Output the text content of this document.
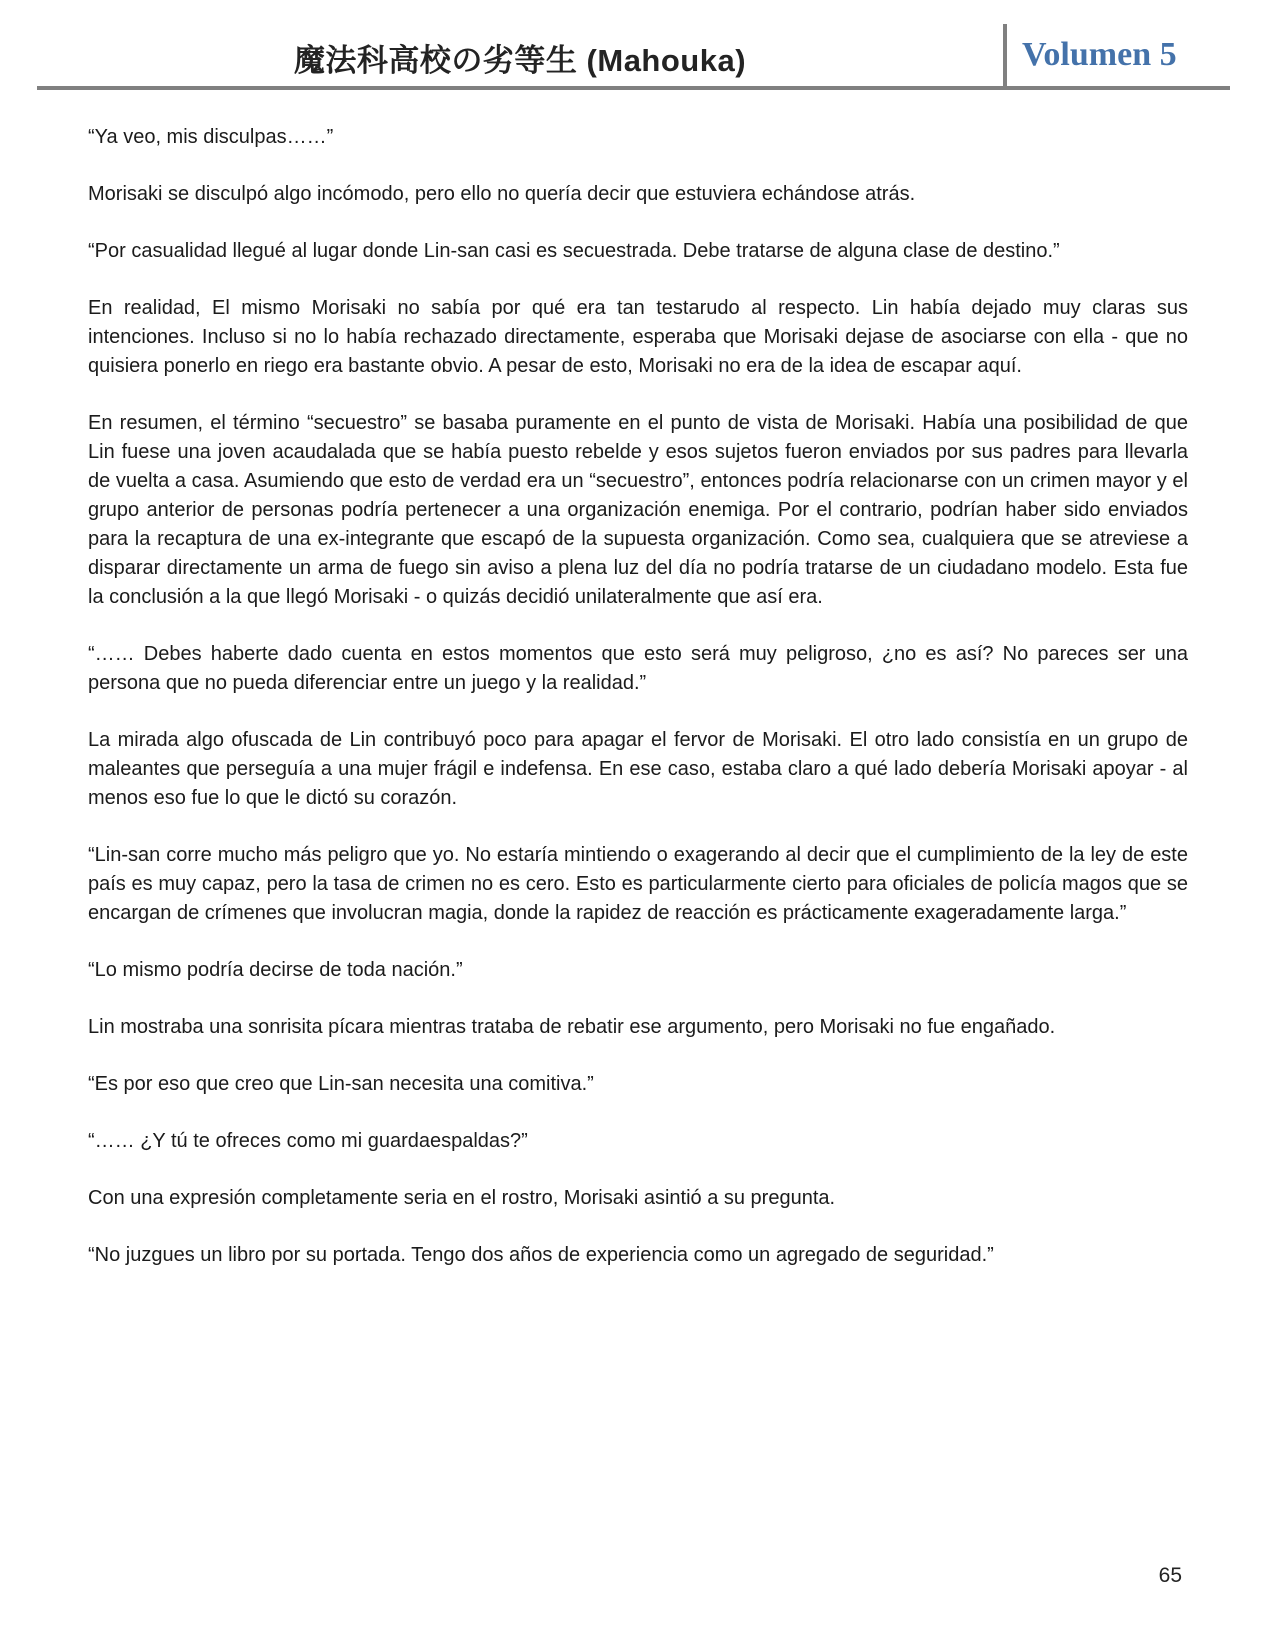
魔法科高校の劣等生 (Mahouka)	Volumen 5

“Ya veo, mis disculpas……”

Morisaki se disculpó algo incómodo, pero ello no quería decir que estuviera echándose atrás.

“Por casualidad llegué al lugar donde Lin-san casi es secuestrada. Debe tratarse de alguna clase de destino.”

En realidad, El mismo Morisaki no sabía por qué era tan testarudo al respecto. Lin había dejado muy claras sus intenciones. Incluso si no lo había rechazado directamente, esperaba que Morisaki dejase de asociarse con ella - que no quisiera ponerlo en riego era bastante obvio. A pesar de esto, Morisaki no era de la idea de escapar aquí.

En resumen, el término “secuestro” se basaba puramente en el punto de vista de Morisaki. Había una posibilidad de que Lin fuese una joven acaudalada que se había puesto rebelde y esos sujetos fueron enviados por sus padres para llevarla de vuelta a casa. Asumiendo que esto de verdad era un “secuestro”, entonces podría relacionarse con un crimen mayor y el grupo anterior de personas podría pertenecer a una organización enemiga. Por el contrario, podrían haber sido enviados para la recaptura de una ex-integrante que escapó de la supuesta organización. Como sea, cualquiera que se atreviese a disparar directamente un arma de fuego sin aviso a plena luz del día no podría tratarse de un ciudadano modelo. Esta fue la conclusión a la que llegó Morisaki - o quizás decidió unilateralmente que así era.

“…… Debes haberte dado cuenta en estos momentos que esto será muy peligroso, ¿no es así? No pareces ser una persona que no pueda diferenciar entre un juego y la realidad.”

La mirada algo ofuscada de Lin contribuyó poco para apagar el fervor de Morisaki. El otro lado consistía en un grupo de maleantes que perseguía a una mujer frágil e indefensa. En ese caso, estaba claro a qué lado debería Morisaki apoyar - al menos eso fue lo que le dictó su corazón.

“Lin-san corre mucho más peligro que yo. No estaría mintiendo o exagerando al decir que el cumplimiento de la ley de este país es muy capaz, pero la tasa de crimen no es cero. Esto es particularmente cierto para oficiales de policía magos que se encargan de crímenes que involucran magia, donde la rapidez de reacción es prácticamente exageradamente larga.”

“Lo mismo podría decirse de toda nación.”

Lin mostraba una sonrisita pícara mientras trataba de rebatir ese argumento, pero Morisaki no fue engañado.

“Es por eso que creo que Lin-san necesita una comitiva.”

“…… ¿Y tú te ofreces como mi guardaespaldas?”

Con una expresión completamente seria en el rostro, Morisaki asintió a su pregunta.

“No juzgues un libro por su portada. Tengo dos años de experiencia como un agregado de seguridad.”

65
